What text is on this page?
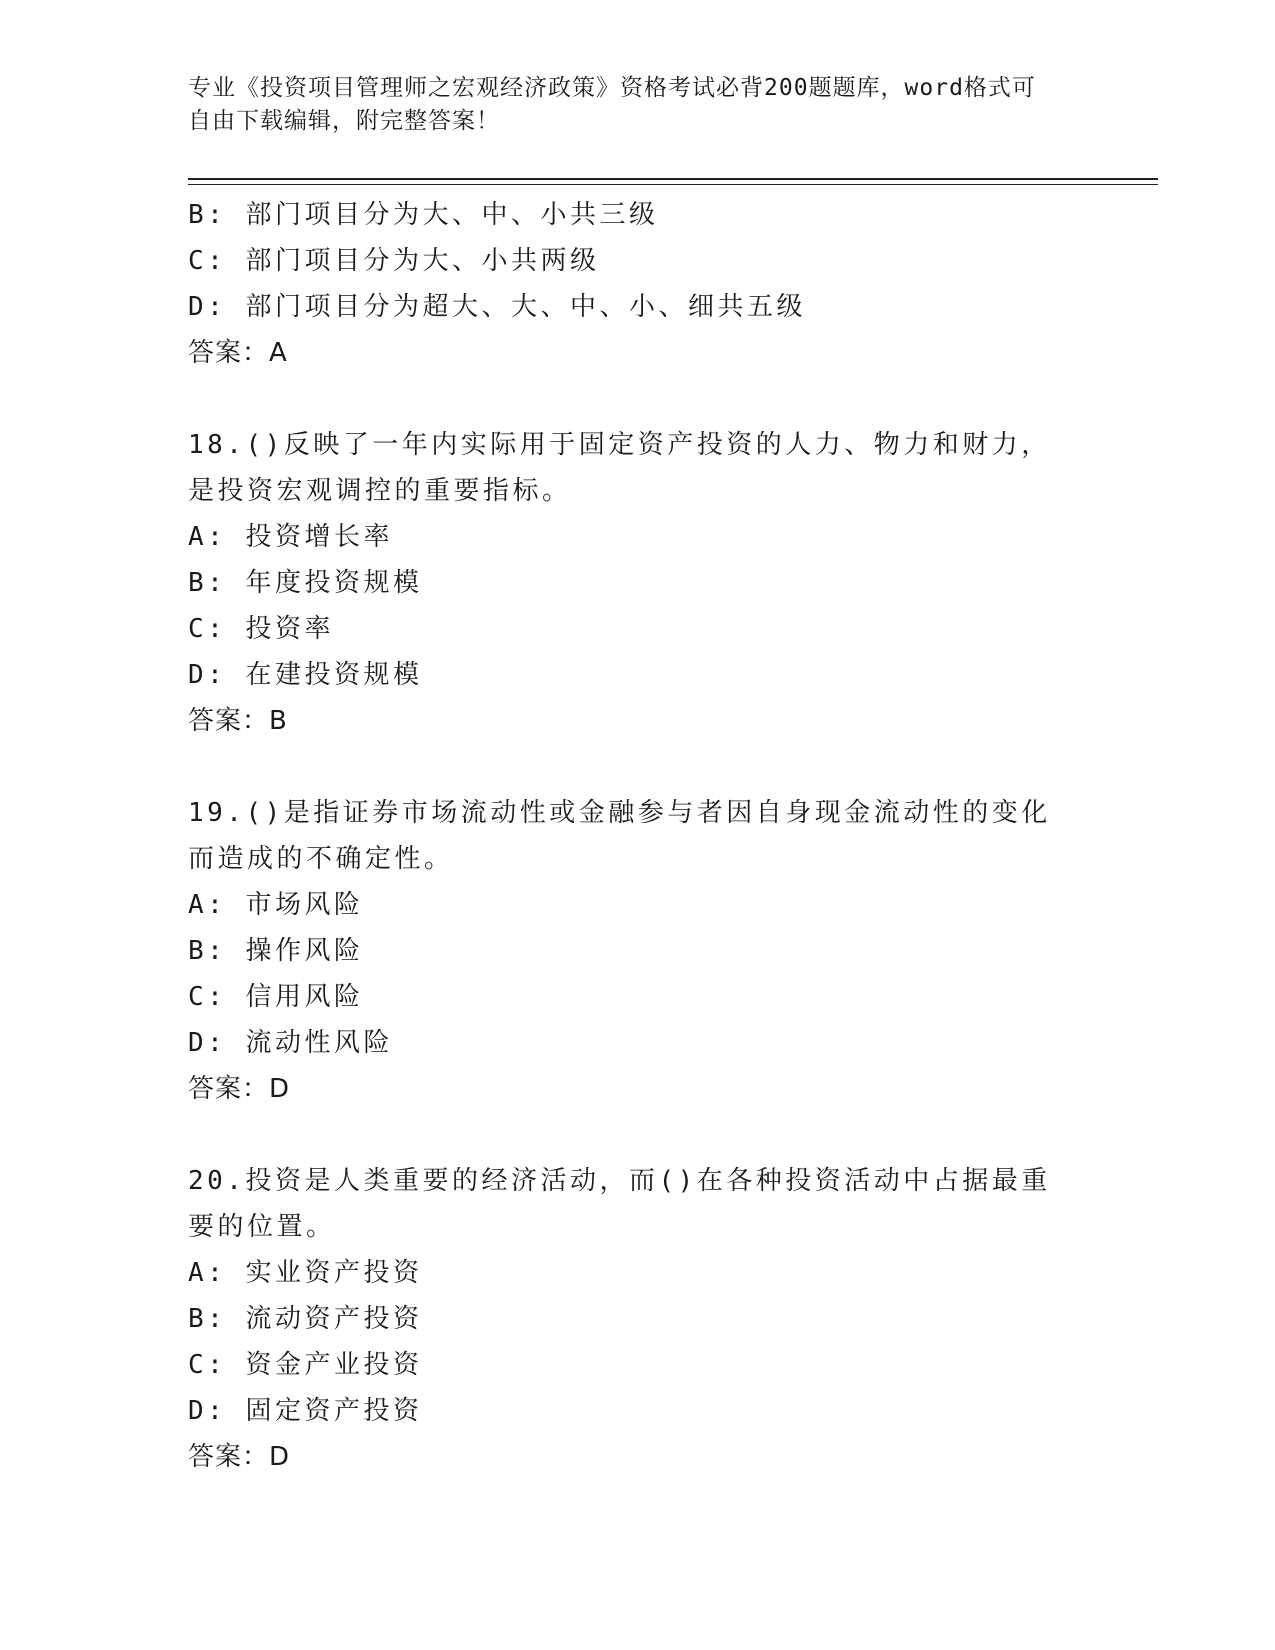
专业《投资项目管理师之宏观经济政策》资格考试必背200题题库，word格式可

自由下载编辑，附完整答案！

B: 部门项目分为大、中、小共三级

C: 部门项目分为大、小共两级

D: 部门项目分为超大、大、中、小、细共五级

答案：A

18.()反映了一年内实际用于固定资产投资的人力、物力和财力，是投资宏观调控的重要指标。

A: 投资增长率

B: 年度投资规模

C: 投资率

D: 在建投资规模

答案：B

19.()是指证券市场流动性或金融参与者因自身现金流动性的变化而造成的不确定性。

A: 市场风险

B: 操作风险

C: 信用风险

D: 流动性风险

答案：D

20.投资是人类重要的经济活动，而()在各种投资活动中占据最重要的位置。

A: 实业资产投资

B: 流动资产投资

C: 资金产业投资

D: 固定资产投资

答案：D
